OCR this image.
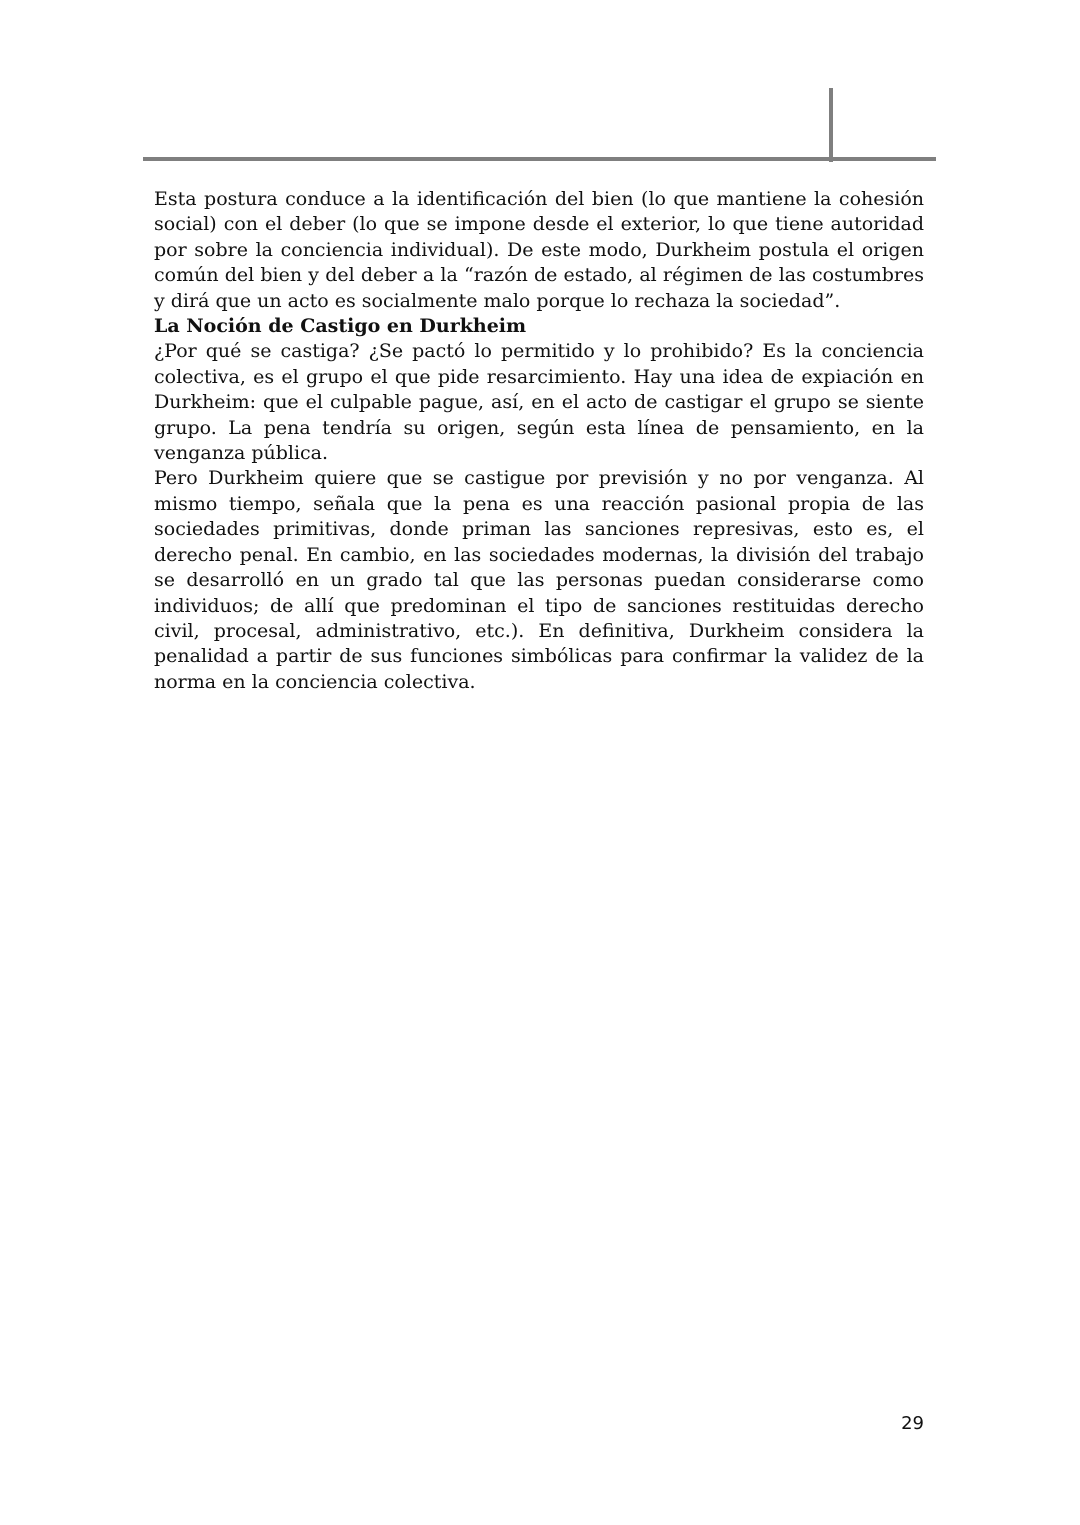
Esta postura conduce a la identificación del bien (lo que mantiene la cohesión social) con el deber (lo que se impone desde el exterior, lo que tiene autoridad por sobre la conciencia individual). De este modo, Durkheim postula el origen común del bien y del deber a la “razón de estado, al régimen de las costumbres y dirá que un acto es socialmente malo porque lo rechaza la sociedad”.

La Noción de Castigo en Durkheim

¿Por qué se castiga? ¿Se pactó lo permitido y lo prohibido? Es la conciencia colectiva, es el grupo el que pide resarcimiento. Hay una idea de expiación en Durkheim: que el culpable pague, así, en el acto de castigar el grupo se siente grupo. La pena tendría su origen, según esta línea de pensamiento, en la venganza pública.

Pero Durkheim quiere que se castigue por previsión y no por venganza. Al mismo tiempo, señala que la pena es una reacción pasional propia de las sociedades primitivas, donde priman las sanciones represivas, esto es, el derecho penal. En cambio, en las sociedades modernas, la división del trabajo se desarrolló en un grado tal que las personas puedan considerarse como individuos; de allí que predominan el tipo de sanciones restituidas derecho civil, procesal, administrativo, etc.). En definitiva, Durkheim considera la penalidad a partir de sus funciones simbólicas para confirmar la validez de la norma en la conciencia colectiva.

29
